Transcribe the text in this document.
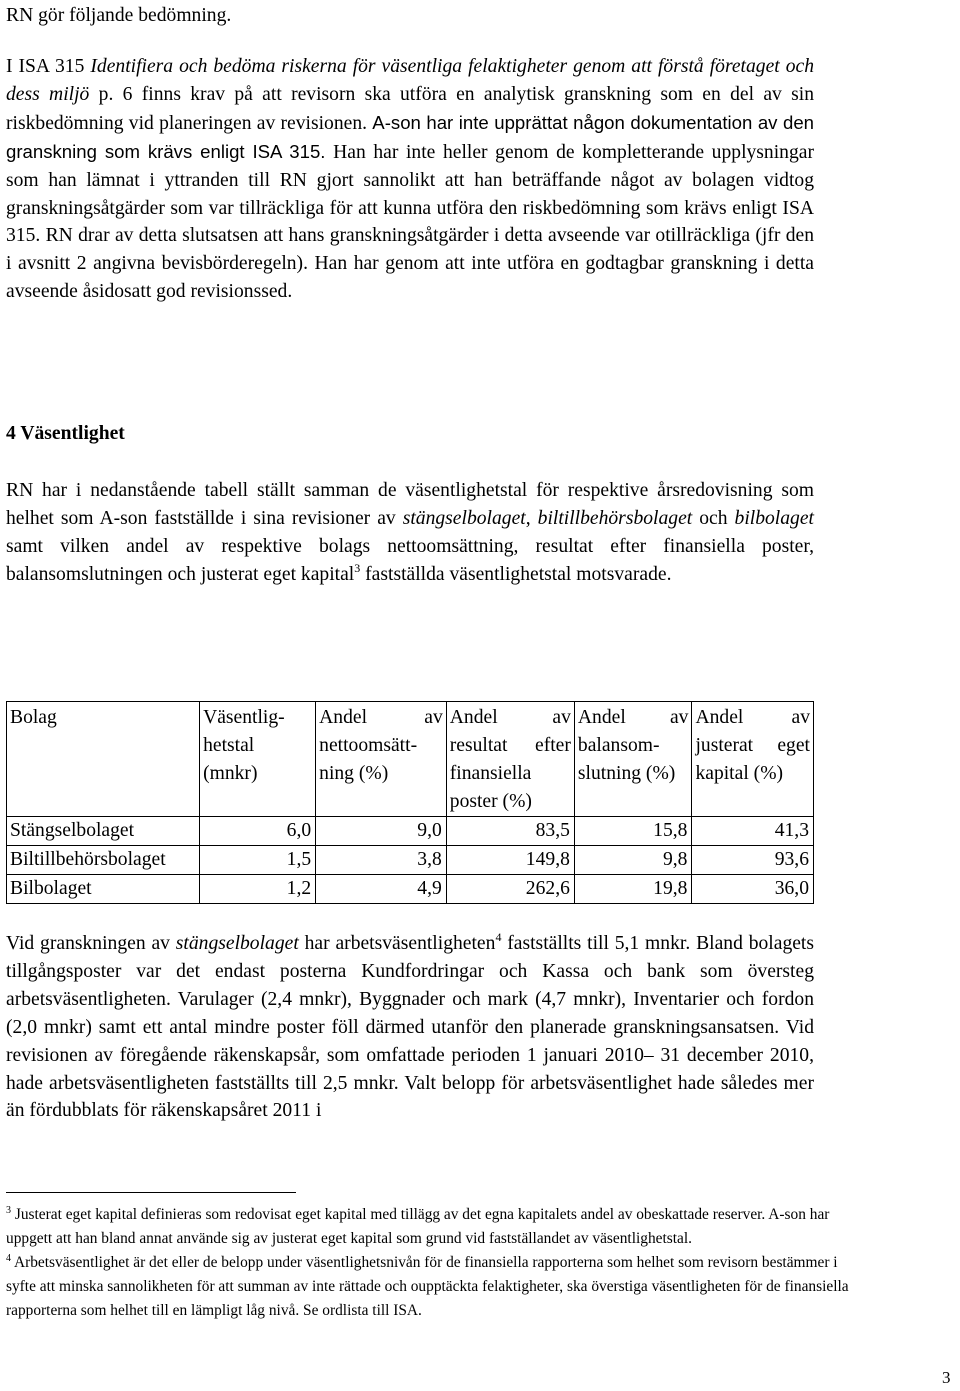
RN gör följande bedömning.

I ISA 315 Identifiera och bedöma riskerna för väsentliga felaktigheter genom att förstå företaget och dess miljö p. 6 finns krav på att revisorn ska utföra en analytisk granskning som en del av sin riskbedömning vid planeringen av revisionen. A-son har inte upprättat någon dokumentation av den granskning som krävs enligt ISA 315. Han har inte heller genom de kompletterande upplysningar som han lämnat i yttranden till RN gjort sannolikt att han beträffande något av bolagen vidtog granskningsåtgärder som var tillräckliga för att kunna utföra den riskbedömning som krävs enligt ISA 315. RN drar av detta slutsatsen att hans granskningsåtgärder i detta avseende var otillräckliga (jfr den i avsnitt 2 angivna bevisbörderegeln). Han har genom att inte utföra en godtagbar granskning i detta avseende åsidosatt god revisionssed.

4 Väsentlighet

RN har i nedanstående tabell ställt samman de väsentlighetstal för respektive årsredovisning som helhet som A-son fastställde i sina revisioner av stängselbolaget, biltillbehörsbolaget och bilbolaget samt vilken andel av respektive bolags nettoomsättning, resultat efter finansiella poster, balansomslutningen och justerat eget kapital$^3$ fastställda väsentlighetstal motsvarade.

Bolag	Väsentlig-hetstal (mnkr)	Andel av nettoomsätt-ning (%)	Andel av resultat efter finansiella poster (%)	Andel av balansom-slutning (%)	Andel av justerat eget kapital (%)
Stängselbolaget	6,0	9,0	83,5	15,8	41,3
Biltillbehörsbolaget	1,5	3,8	149,8	9,8	93,6
Bilbolaget	1,2	4,9	262,6	19,8	36,0

Vid granskningen av stängselbolaget har arbetsväsentligheten$^4$ fastställts till 5,1 mnkr. Bland bolagets tillgångsposter var det endast posterna Kundfordringar och Kassa och bank som översteg arbetsväsentligheten. Varulager (2,4 mnkr), Byggnader och mark (4,7 mnkr), Inventarier och fordon (2,0 mnkr) samt ett antal mindre poster föll därmed utanför den planerade granskningsansatsen. Vid revisionen av föregående räkenskapsår, som omfattade perioden 1 januari 2010– 31 december 2010, hade arbetsväsentligheten fastställts till 2,5 mnkr. Valt belopp för arbetsväsentlighet hade således mer än fördubblats för räkenskapsåret 2011 i

$^3$ Justerat eget kapital definieras som redovisat eget kapital med tillägg av det egna kapitalets andel av obeskattade reserver. A-son har uppgett att han bland annat använde sig av justerat eget kapital som grund vid fastställandet av väsentlighetstal.

$^4$ Arbetsväsentlighet är det eller de belopp under väsentlighetsnivån för de finansiella rapporterna som helhet som revisorn bestämmer i syfte att minska sannolikheten för att summan av inte rättade och oupptäckta felaktigheter, ska överstiga väsentligheten för de finansiella rapporterna som helhet till en lämpligt låg nivå. Se ordlista till ISA.

3
